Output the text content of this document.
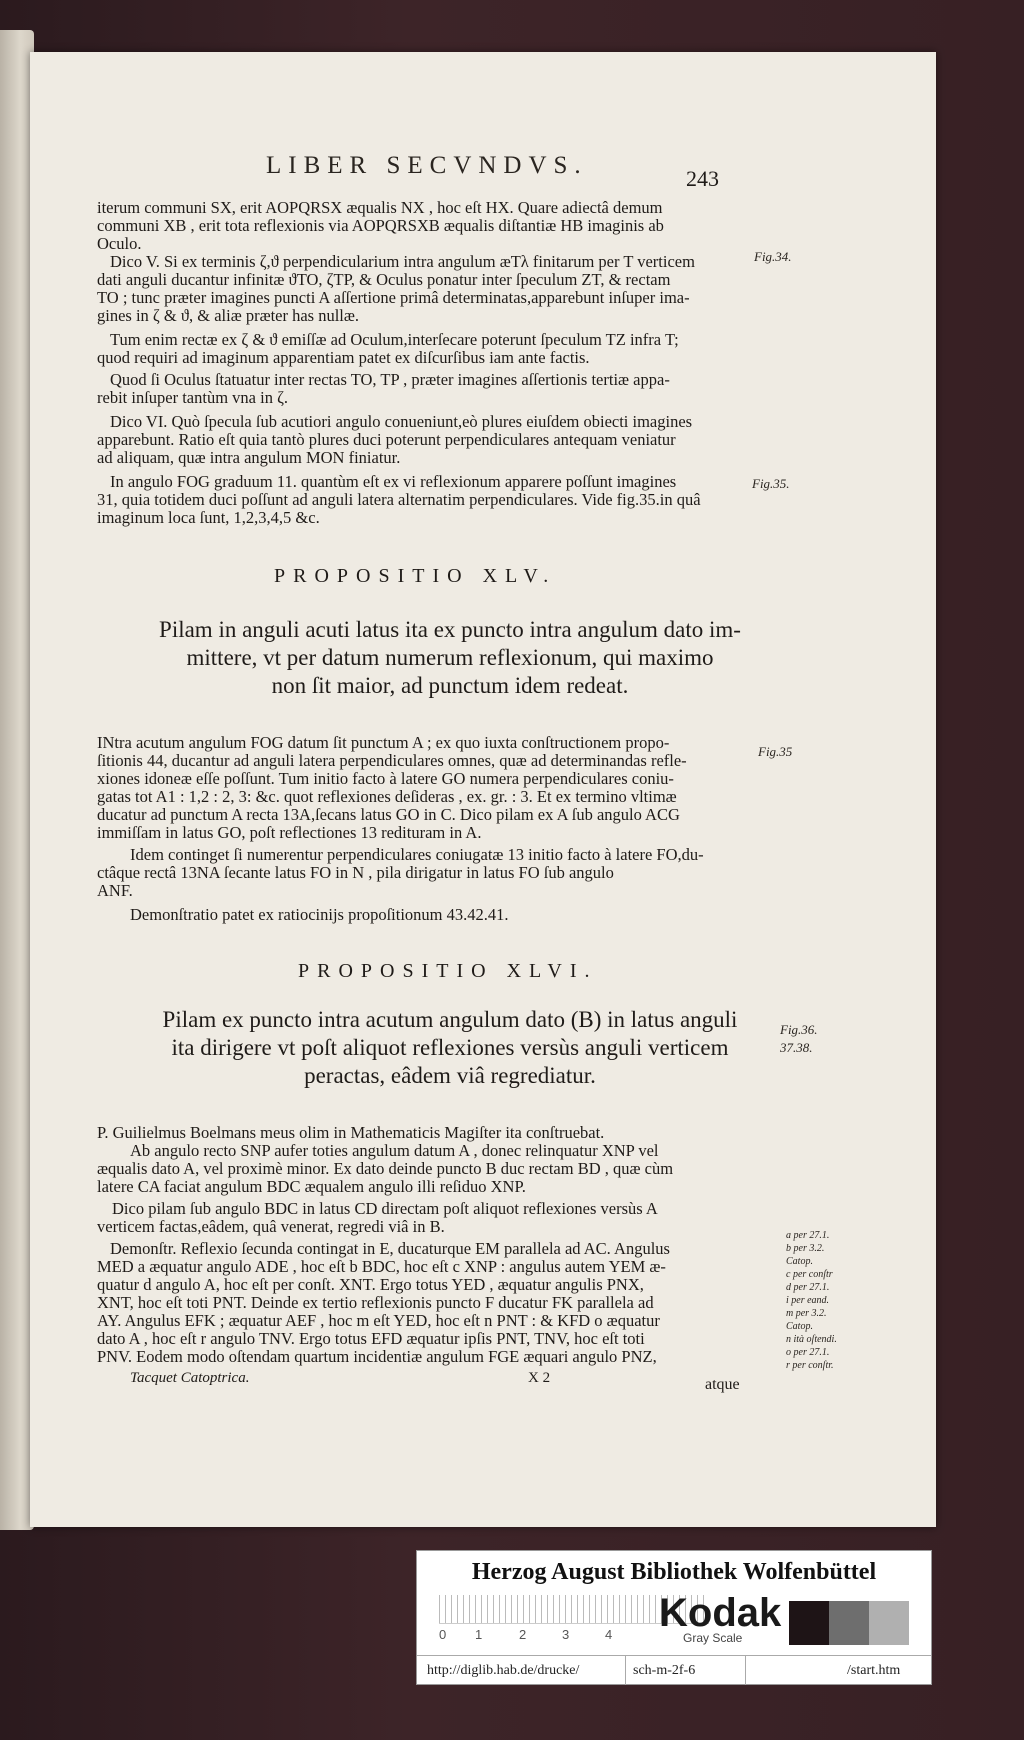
LIBER SECVNDVS.	243
iterum communi SX, erit AOPQRSX æqualis NX , hoc eſt HX. Quare adiectâ demum
communi XB , erit tota reflexionis via AOPQRSXB æqualis diſtantiæ HB imaginis ab
Oculo.
Dico V. Si ex terminis ζ,ϑ perpendicularium intra angulum æTλ finitarum per T verticem
dati anguli ducantur infinitæ ϑTO, ζTP, & Oculus ponatur inter ſpeculum ZT, & rectam
TO ; tunc præter imagines puncti A aſſertione primâ determinatas,apparebunt inſuper ima-
gines in ζ & ϑ, & aliæ præter has nullæ.
Tum enim rectæ ex ζ & ϑ emiſſæ ad Oculum,interſecare poterunt ſpeculum TZ infra T;
quod requiri ad imaginum apparentiam patet ex diſcurſibus iam ante factis.
Quod ſi Oculus ſtatuatur inter rectas TO, TP , præter imagines aſſertionis tertiæ appa-
rebit inſuper tantùm vna in ζ.
Dico VI. Quò ſpecula ſub acutiori angulo conueniunt,eò plures eiuſdem obiecti imagines
apparebunt. Ratio eſt quia tantò plures duci poterunt perpendiculares antequam veniatur
ad aliquam, quæ intra angulum MON finiatur.
In angulo FOG graduum 11. quantùm eſt ex vi reflexionum apparere poſſunt imagines
31, quia totidem duci poſſunt ad anguli latera alternatim perpendiculares. Vide fig.35.in quâ
imaginum loca ſunt, 1,2,3,4,5 &c.
PROPOSITIO XLV.
Pilam in anguli acuti latus ita ex puncto intra angulum dato im-
mittere, vt per datum numerum reflexionum, qui maximo
non ſit maior, ad punctum idem redeat.
INtra acutum angulum FOG datum ſit punctum A ; ex quo iuxta conſtructionem propo-
ſitionis 44, ducantur ad anguli latera perpendiculares omnes, quæ ad determinandas refle-
xiones idoneæ eſſe poſſunt. Tum initio facto à latere GO numera perpendiculares coniu-
gatas tot A1 : 1,2 : 2, 3: &c. quot reflexiones deſideras , ex. gr. : 3. Et ex termino vltimæ
ducatur ad punctum A recta 13A,ſecans latus GO in C. Dico pilam ex A ſub angulo ACG
immiſſam in latus GO, poſt reflectiones 13 redituram in A.
Idem continget ſi numerentur perpendiculares coniugatæ 13 initio facto à latere FO,du-
ctâque rectâ 13NA ſecante latus FO in N , pila dirigatur in latus FO ſub angulo
ANF.
Demonſtratio patet ex ratiocinijs propoſitionum 43.42.41.
PROPOSITIO XLVI.
Pilam ex puncto intra acutum angulum dato (B) in latus anguli
ita dirigere vt poſt aliquot reflexiones versùs anguli verticem
peractas, eâdem viâ regrediatur.
P. Guilielmus Boelmans meus olim in Mathematicis Magiſter ita conſtruebat.
Ab angulo recto SNP aufer toties angulum datum A , donec relinquatur XNP vel
æqualis dato A, vel proximè minor. Ex dato deinde puncto B duc rectam BD , quæ cùm
latere CA faciat angulum BDC æqualem angulo illi reſiduo XNP.
Dico pilam ſub angulo BDC in latus CD directam poſt aliquot reflexiones versùs A
verticem factas,eâdem, quâ venerat, regredi viâ in B.
Demonſtr. Reflexio ſecunda contingat in E, ducaturque EM parallela ad AC. Angulus
MED a æquatur angulo ADE , hoc eſt b BDC, hoc eſt c XNP : angulus autem YEM æ-
quatur d angulo A, hoc eſt per conſt. XNT. Ergo totus YED , æquatur angulis PNX,
XNT, hoc eſt toti PNT. Deinde ex tertio reflexionis puncto F ducatur FK parallela ad
AY. Angulus EFK ; æquatur AEF , hoc m eſt YED, hoc eſt n PNT : & KFD o æquatur
dato A , hoc eſt r angulo TNV. Ergo totus EFD æquatur ipſis PNT, TNV, hoc eſt toti
PNV. Eodem modo oſtendam quartum incidentiæ angulum FGE æquari angulo PNZ,
Tacquet Catoptrica.	X 2	atque
Fig.34.
Fig.35.
Fig.35
Fig.36.
37.38.
a per 27.1.
b per 3.2.
Catop.
c per conſtr
d per 27.1.
i per eand.
m per 3.2.
Catop.
n ità oſtendi.
o per 27.1.
r per conſtr.
Herzog August Bibliothek Wolfenbüttel
0 1	2	3	4 Kodak
Gray Scale
http://diglib.hab.de/drucke/	sch-m-2f-6	/start.htm
